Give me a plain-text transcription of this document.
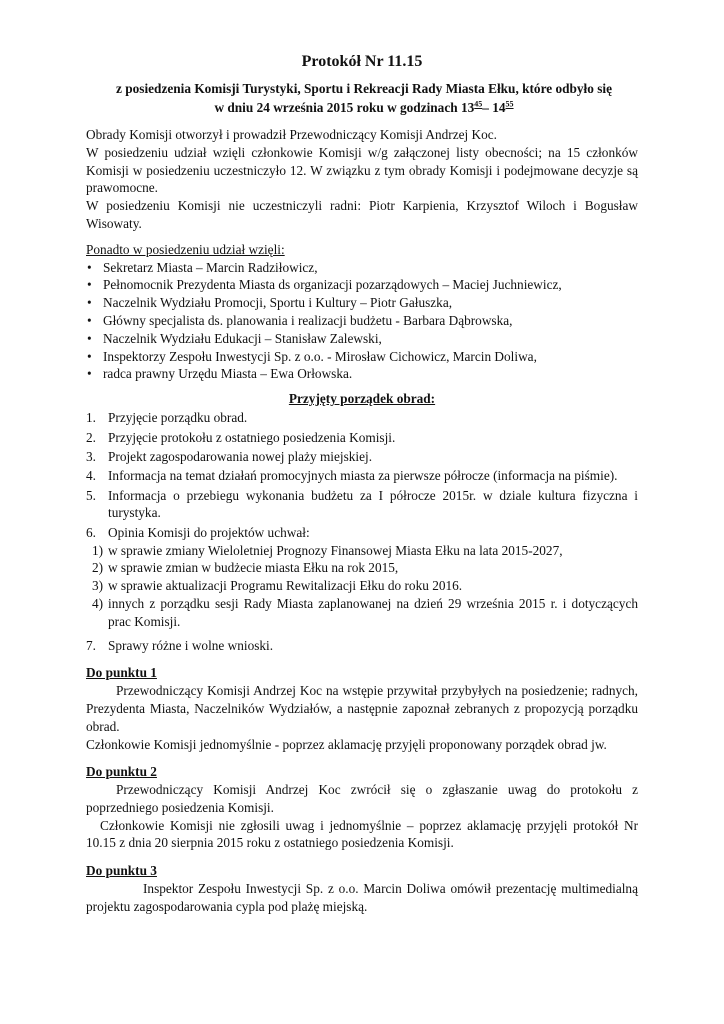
Protokół Nr 11.15
z posiedzenia Komisji Turystyki, Sportu i Rekreacji Rady Miasta Ełku, które odbyło się
w dniu 24 września 2015 roku w godzinach $13^{45}-$ $14^{55}$

Obrady Komisji otworzył i prowadził Przewodniczący Komisji Andrzej Koc.

W posiedzeniu udział wzięli członkowie Komisji w/g załączonej listy obecności; na 15 członków Komisji w posiedzeniu uczestniczyło 12. W związku z tym obrady Komisji i podejmowane decyzje są prawomocne.

W posiedzeniu Komisji nie uczestniczyli radni: Piotr Karpienia, Krzysztof Wiloch i Bogusław Wisowaty.

Ponadto w posiedzeniu udział wzięli:
• Sekretarz Miasta – Marcin Radziłowicz,
• Pełnomocnik Prezydenta Miasta ds organizacji pozarządowych – Maciej Juchniewicz,
• Naczelnik Wydziału Promocji, Sportu i Kultury – Piotr Gałuszka,
• Główny specjalista ds. planowania i realizacji budżetu - Barbara Dąbrowska,
• Naczelnik Wydziału Edukacji – Stanisław Zalewski,
• Inspektorzy Zespołu Inwestycji Sp. z o.o. - Mirosław Cichowicz, Marcin Doliwa,
• radca prawny Urzędu Miasta – Ewa Orłowska.
Przyjęty porządek obrad:
1. Przyjęcie porządku obrad.
2. Przyjęcie protokołu z ostatniego posiedzenia Komisji.
3. Projekt zagospodarowania nowej plaży miejskiej.
4. Informacja na temat działań promocyjnych miasta za pierwsze półrocze (informacja na piśmie).
5. Informacja o przebiegu wykonania budżetu za I półrocze 2015r. w dziale kultura fizyczna i turystyka.
6. Opinia Komisji do projektów uchwał:
1) w sprawie zmiany Wieloletniej Prognozy Finansowej Miasta Ełku na lata 2015-2027,
2) w sprawie zmian w budżecie miasta Ełku na rok 2015,
3) w sprawie aktualizacji Programu Rewitalizacji Ełku do roku 2016.
4) innych z porządku sesji Rady Miasta zaplanowanej na dzień 29 września 2015 r. i dotyczących prac Komisji.
7. Sprawy różne i wolne wnioski.
Do punktu 1

Przewodniczący Komisji Andrzej Koc na wstępie przywitał przybyłych na posiedzenie; radnych, Prezydenta Miasta, Naczelników Wydziałów, a następnie zapoznał zebranych z propozycją porządku obrad.

Członkowie Komisji jednomyślnie - poprzez aklamację przyjęli proponowany porządek obrad jw.

Do punktu 2

Przewodniczący Komisji Andrzej Koc zwrócił się o zgłaszanie uwag do protokołu z poprzedniego posiedzenia Komisji.

Członkowie Komisji nie zgłosili uwag i jednomyślnie – poprzez aklamację przyjęli protokół Nr 10.15 z dnia 20 sierpnia 2015 roku z ostatniego posiedzenia Komisji.

Do punktu 3

Inspektor Zespołu Inwestycji Sp. z o.o. Marcin Doliwa omówił prezentację multimedialną projektu zagospodarowania cypla pod plażę miejską.
